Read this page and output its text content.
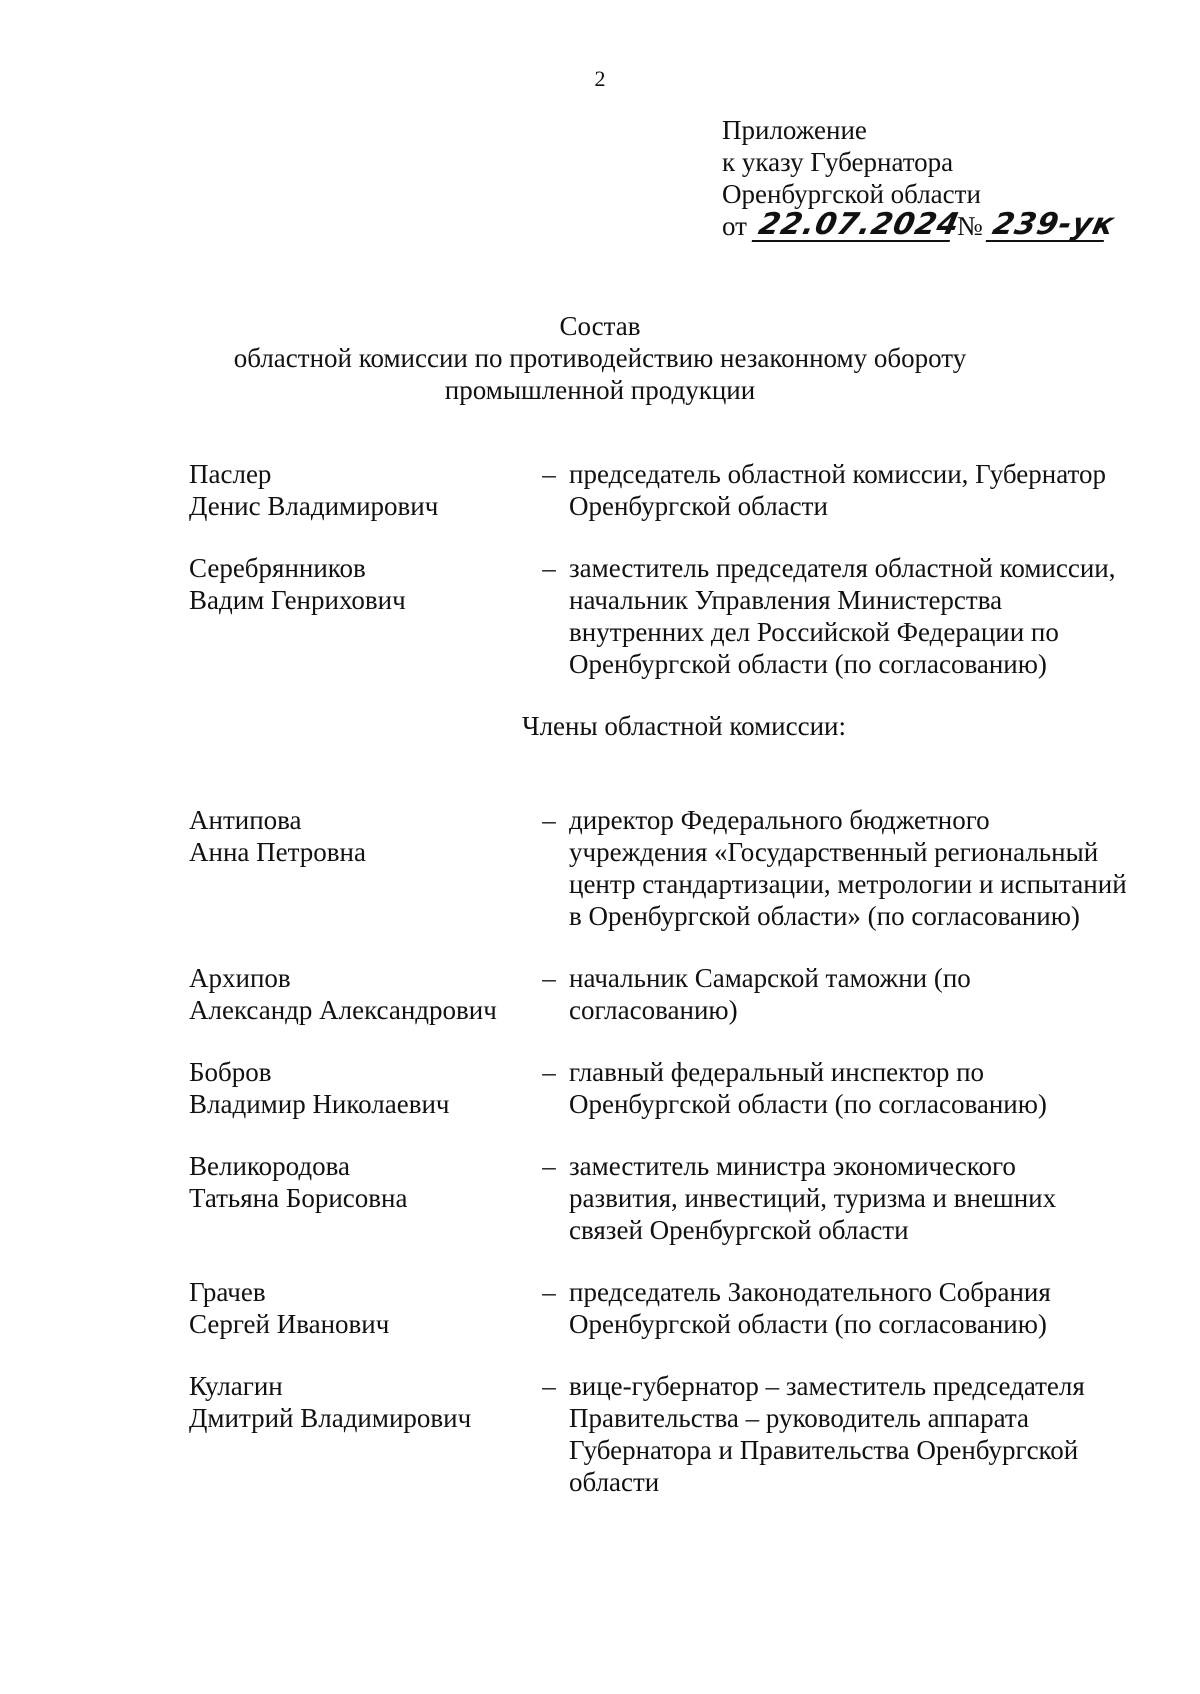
2
Приложение
к указу Губернатора
Оренбургской области
от 22.07.2024
№ 239-ук
Состав
областной комиссии по противодействию незаконному обороту
промышленной продукции
Паслер
Денис Владимирович
– председатель областной комиссии, Губернатор Оренбургской области
Серебрянников
Вадим Генрихович
– заместитель председателя областной комиссии, начальник Управления Министерства внутренних дел Российской Федерации по Оренбургской области (по согласованию)
Члены областной комиссии:
Антипова
Анна Петровна
– директор Федерального бюджетного учреждения «Государственный региональный центр стандартизации, метрологии и испытаний в Оренбургской области» (по согласованию)
Архипов
Александр Александрович
– начальник Самарской таможни (по согласованию)
Бобров
Владимир Николаевич
– главный федеральный инспектор по Оренбургской области (по согласованию)
Великородова
Татьяна Борисовна
– заместитель министра экономического развития, инвестиций, туризма и внешних связей Оренбургской области
Грачев
Сергей Иванович
– председатель Законодательного Собрания Оренбургской области (по согласованию)
Кулагин
Дмитрий Владимирович
– вице-губернатор – заместитель председателя Правительства – руководитель аппарата Губернатора и Правительства Оренбургской области
